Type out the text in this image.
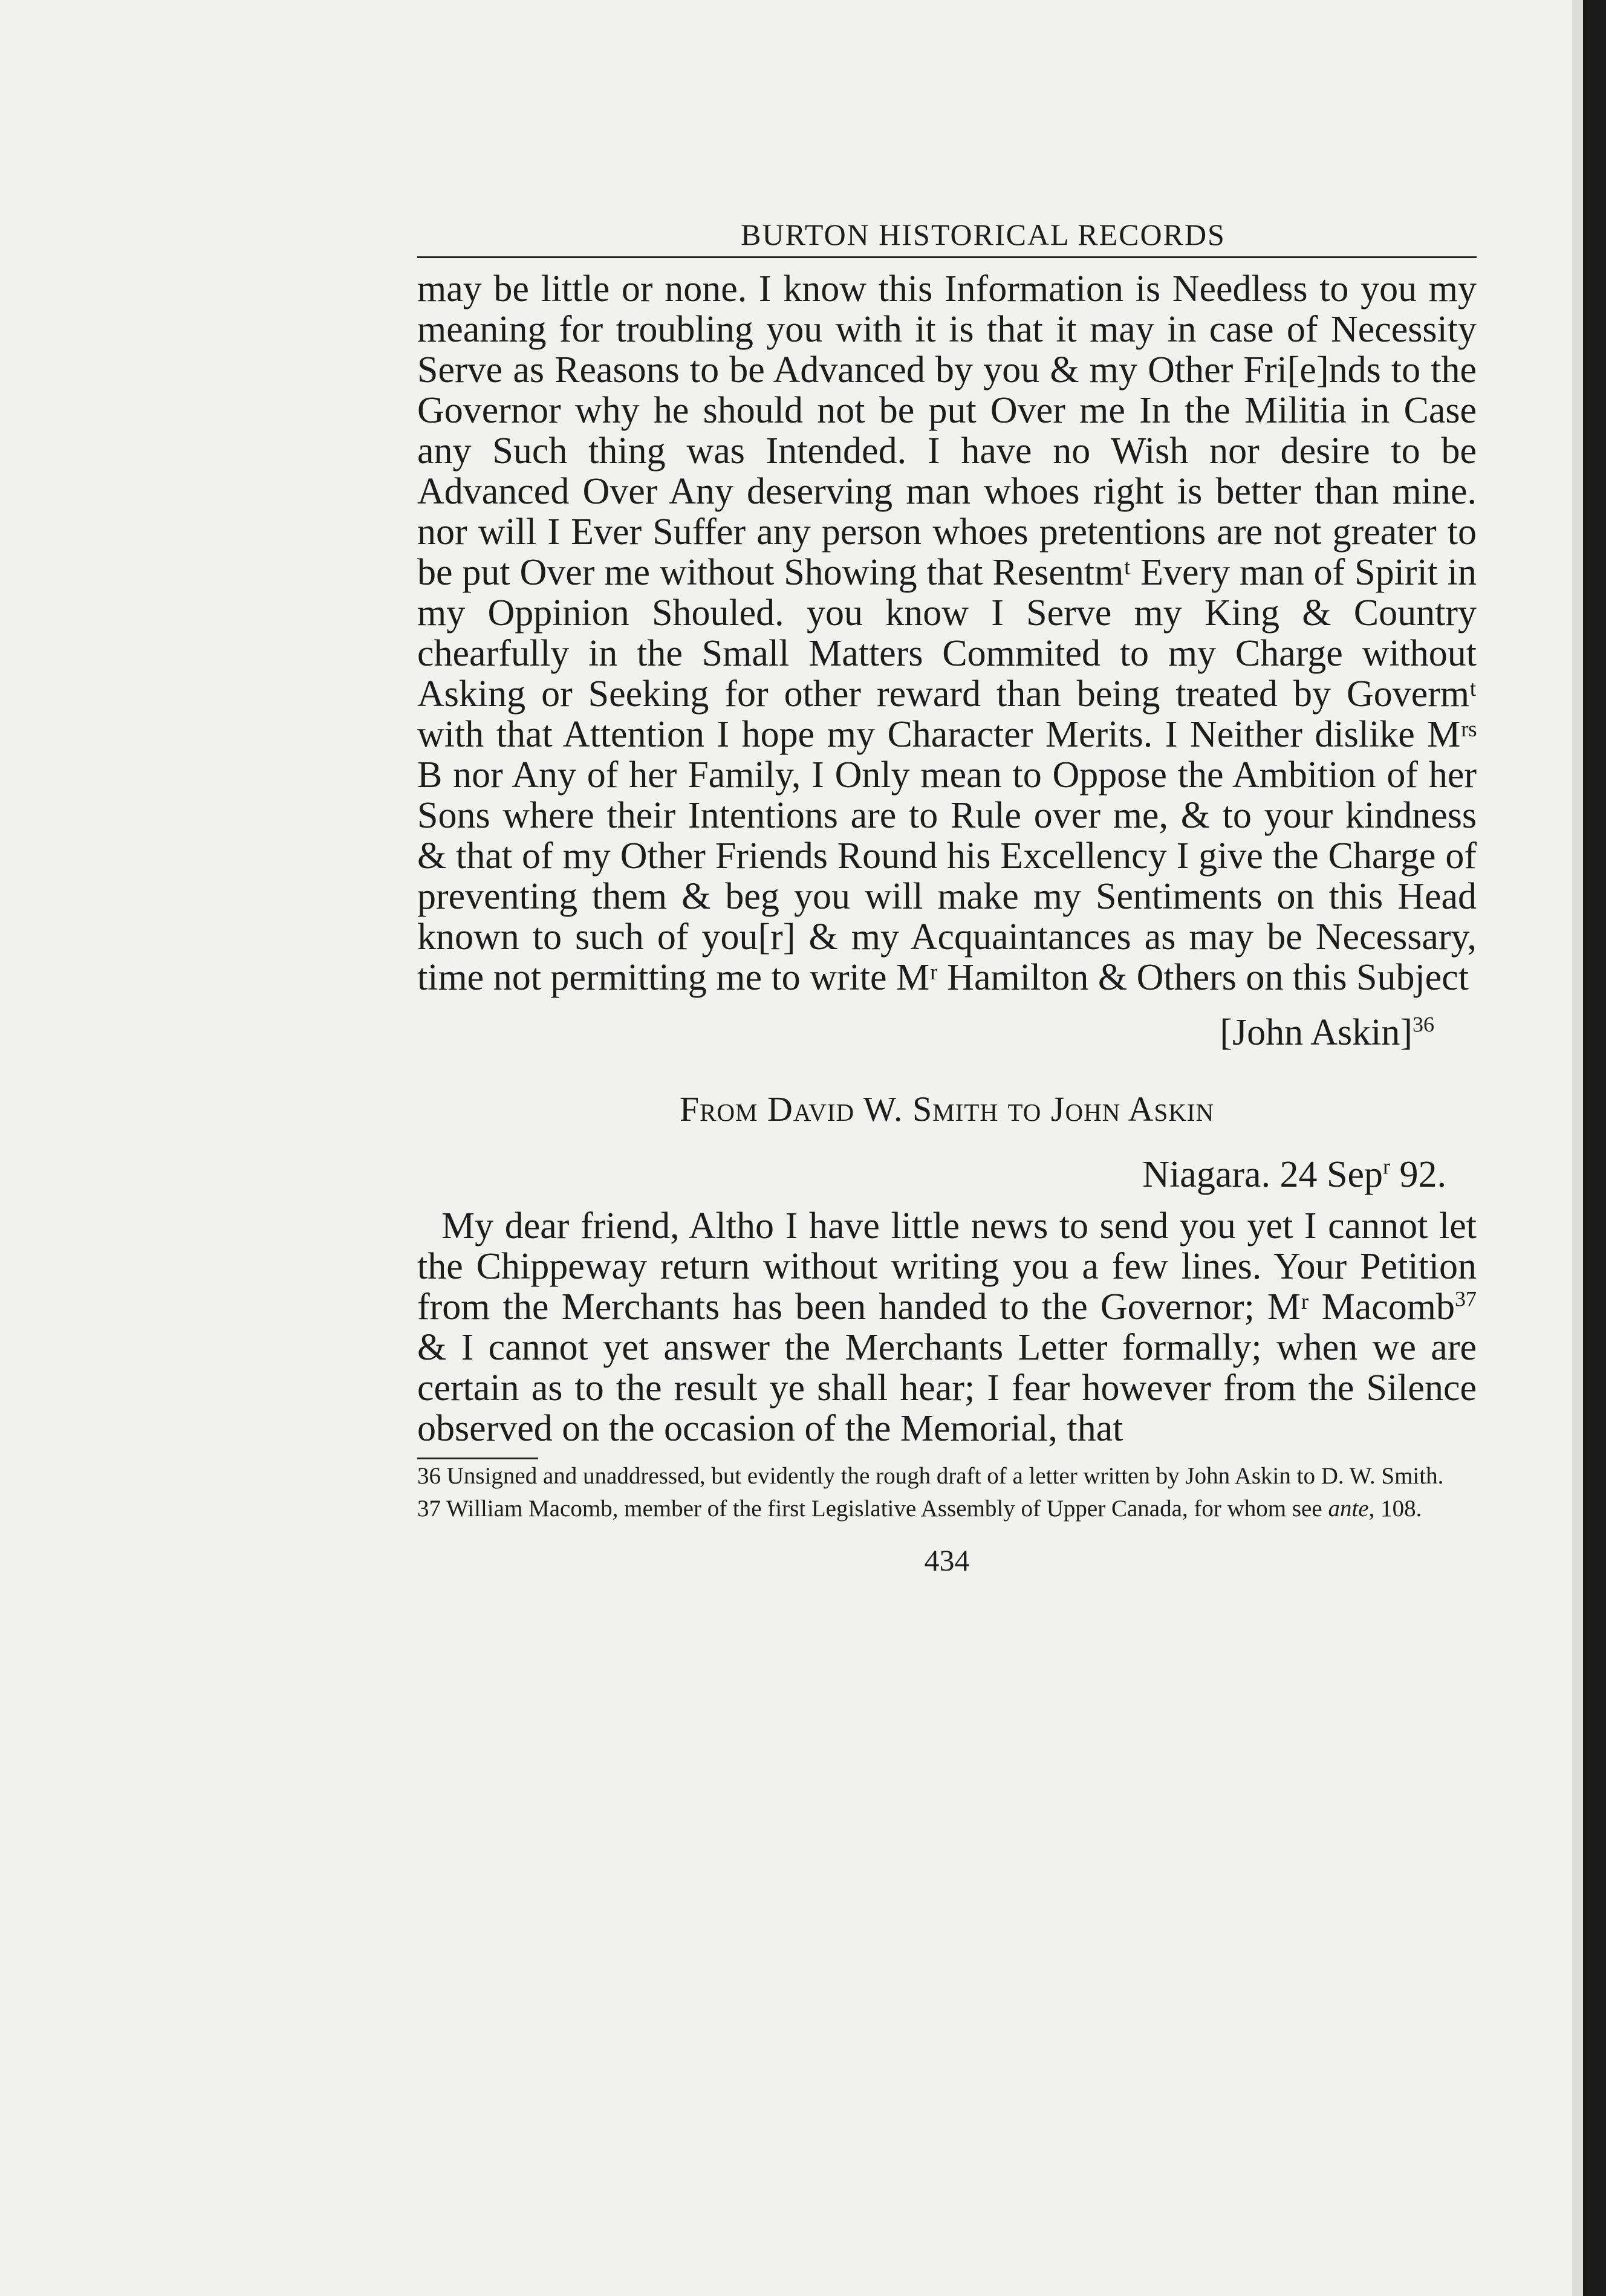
BURTON HISTORICAL RECORDS

may be little or none. I know this Information is Needless to you my meaning for troubling you with it is that it may in case of Necessity Serve as Reasons to be Advanced by you & my Other Fri[e]nds to the Governor why he should not be put Over me In the Militia in Case any Such thing was Intended. I have no Wish nor desire to be Advanced Over Any deserving man whoes right is better than mine. nor will I Ever Suffer any person whoes pretentions are not greater to be put Over me without Showing that Resentmᵗ Every man of Spirit in my Oppinion Shouled. you know I Serve my King & Country chearfully in the Small Matters Commited to my Charge without Asking or Seeking for other reward than being treated by Govermᵗ with that Attention I hope my Character Merits. I Neither dislike Mʳˢ B nor Any of her Family, I Only mean to Oppose the Ambition of her Sons where their Intentions are to Rule over me, & to your kindness & that of my Other Friends Round his Excellency I give the Charge of preventing them & beg you will make my Sentiments on this Head known to such of you[r] & my Acquaintances as may be Necessary, time not permitting me to write Mʳ Hamilton & Others on this Subject

[John Askin]$^{36}$
From David W. Smith to John Askin
Niagara. 24 Sep$^r$ 92.

My dear friend, Altho I have little news to send you yet I cannot let the Chippeway return without writing you a few lines. Your Petition from the Merchants has been handed to the Governor; Mʳ Macomb$^{37}$ & I cannot yet answer the Merchants Letter formally; when we are certain as to the result ye shall hear; I fear however from the Silence observed on the occasion of the Memorial, that

36 Unsigned and unaddressed, but evidently the rough draft of a letter written by John Askin to D. W. Smith.

37 William Macomb, member of the first Legislative Assembly of Upper Canada, for whom see ante, 108.

434
